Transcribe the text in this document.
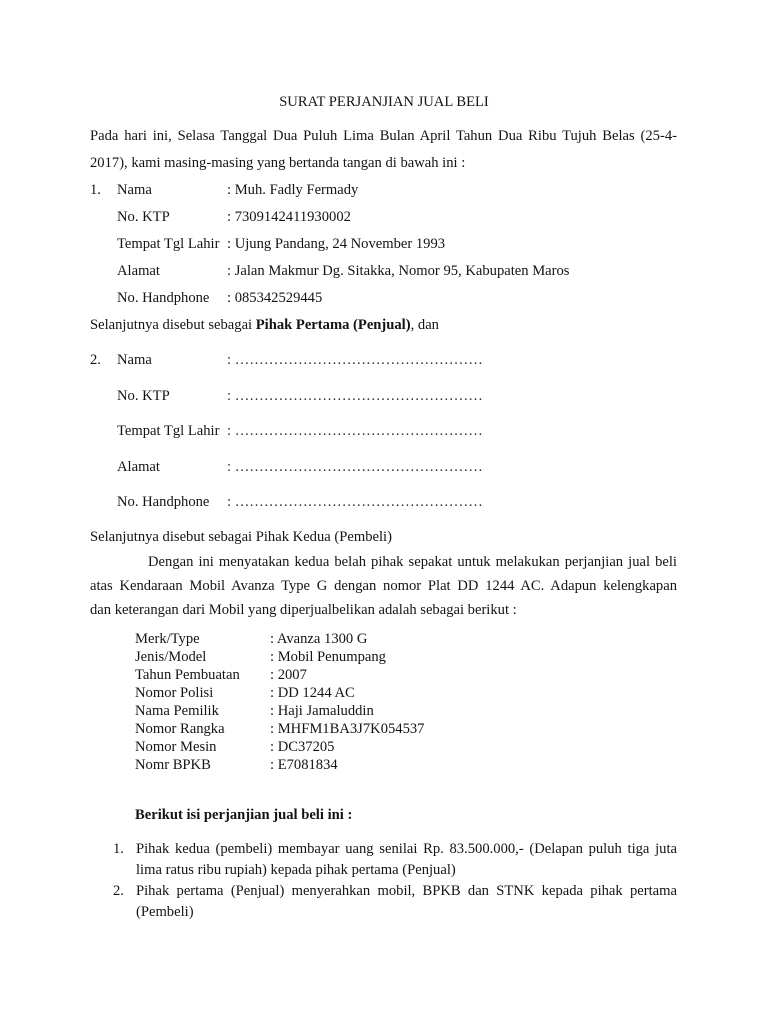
SURAT PERJANJIAN JUAL BELI
Pada hari ini, Selasa Tanggal Dua Puluh Lima Bulan April Tahun Dua Ribu Tujuh Belas (25-4-
2017), kami masing-masing yang bertanda tangan di bawah ini :
1. Nama	: Muh. Fadly Fermady
No. KTP	: 7309142411930002
Tempat Tgl Lahir : Ujung Pandang, 24 November 1993
Alamat	: Jalan Makmur Dg. Sitakka, Nomor 95, Kabupaten Maros
No. Handphone : 085342529445
Selanjutnya disebut sebagai Pihak Pertama (Penjual), dan
2. Nama	: ……………………………………………
No. KTP	: ……………………………………………
Tempat Tgl Lahir : ……………………………………………
Alamat	: ……………………………………………
No. Handphone : ……………………………………………
Selanjutnya disebut sebagai Pihak Kedua (Pembeli)
Dengan ini menyatakan kedua belah pihak sepakat untuk melakukan perjanjian jual beli
atas Kendaraan Mobil Avanza Type G dengan nomor Plat DD 1244 AC. Adapun kelengkapan
dan keterangan dari Mobil yang diperjualbelikan adalah sebagai berikut :
Merk/Type	: Avanza 1300 G
Jenis/Model	: Mobil Penumpang
Tahun Pembuatan : 2007
Nomor Polisi	: DD 1244 AC
Nama Pemilik	: Haji Jamaluddin
Nomor Rangka	: MHFM1BA3J7K054537
Nomor Mesin	: DC37205
Nomr BPKB	: E7081834
Berikut isi perjanjian jual beli ini :
1. Pihak kedua (pembeli) membayar uang senilai Rp. 83.500.000,- (Delapan puluh tiga juta
lima ratus ribu rupiah) kepada pihak pertama (Penjual)
2. Pihak pertama (Penjual) menyerahkan mobil, BPKB dan STNK kepada pihak pertama
(Pembeli)
